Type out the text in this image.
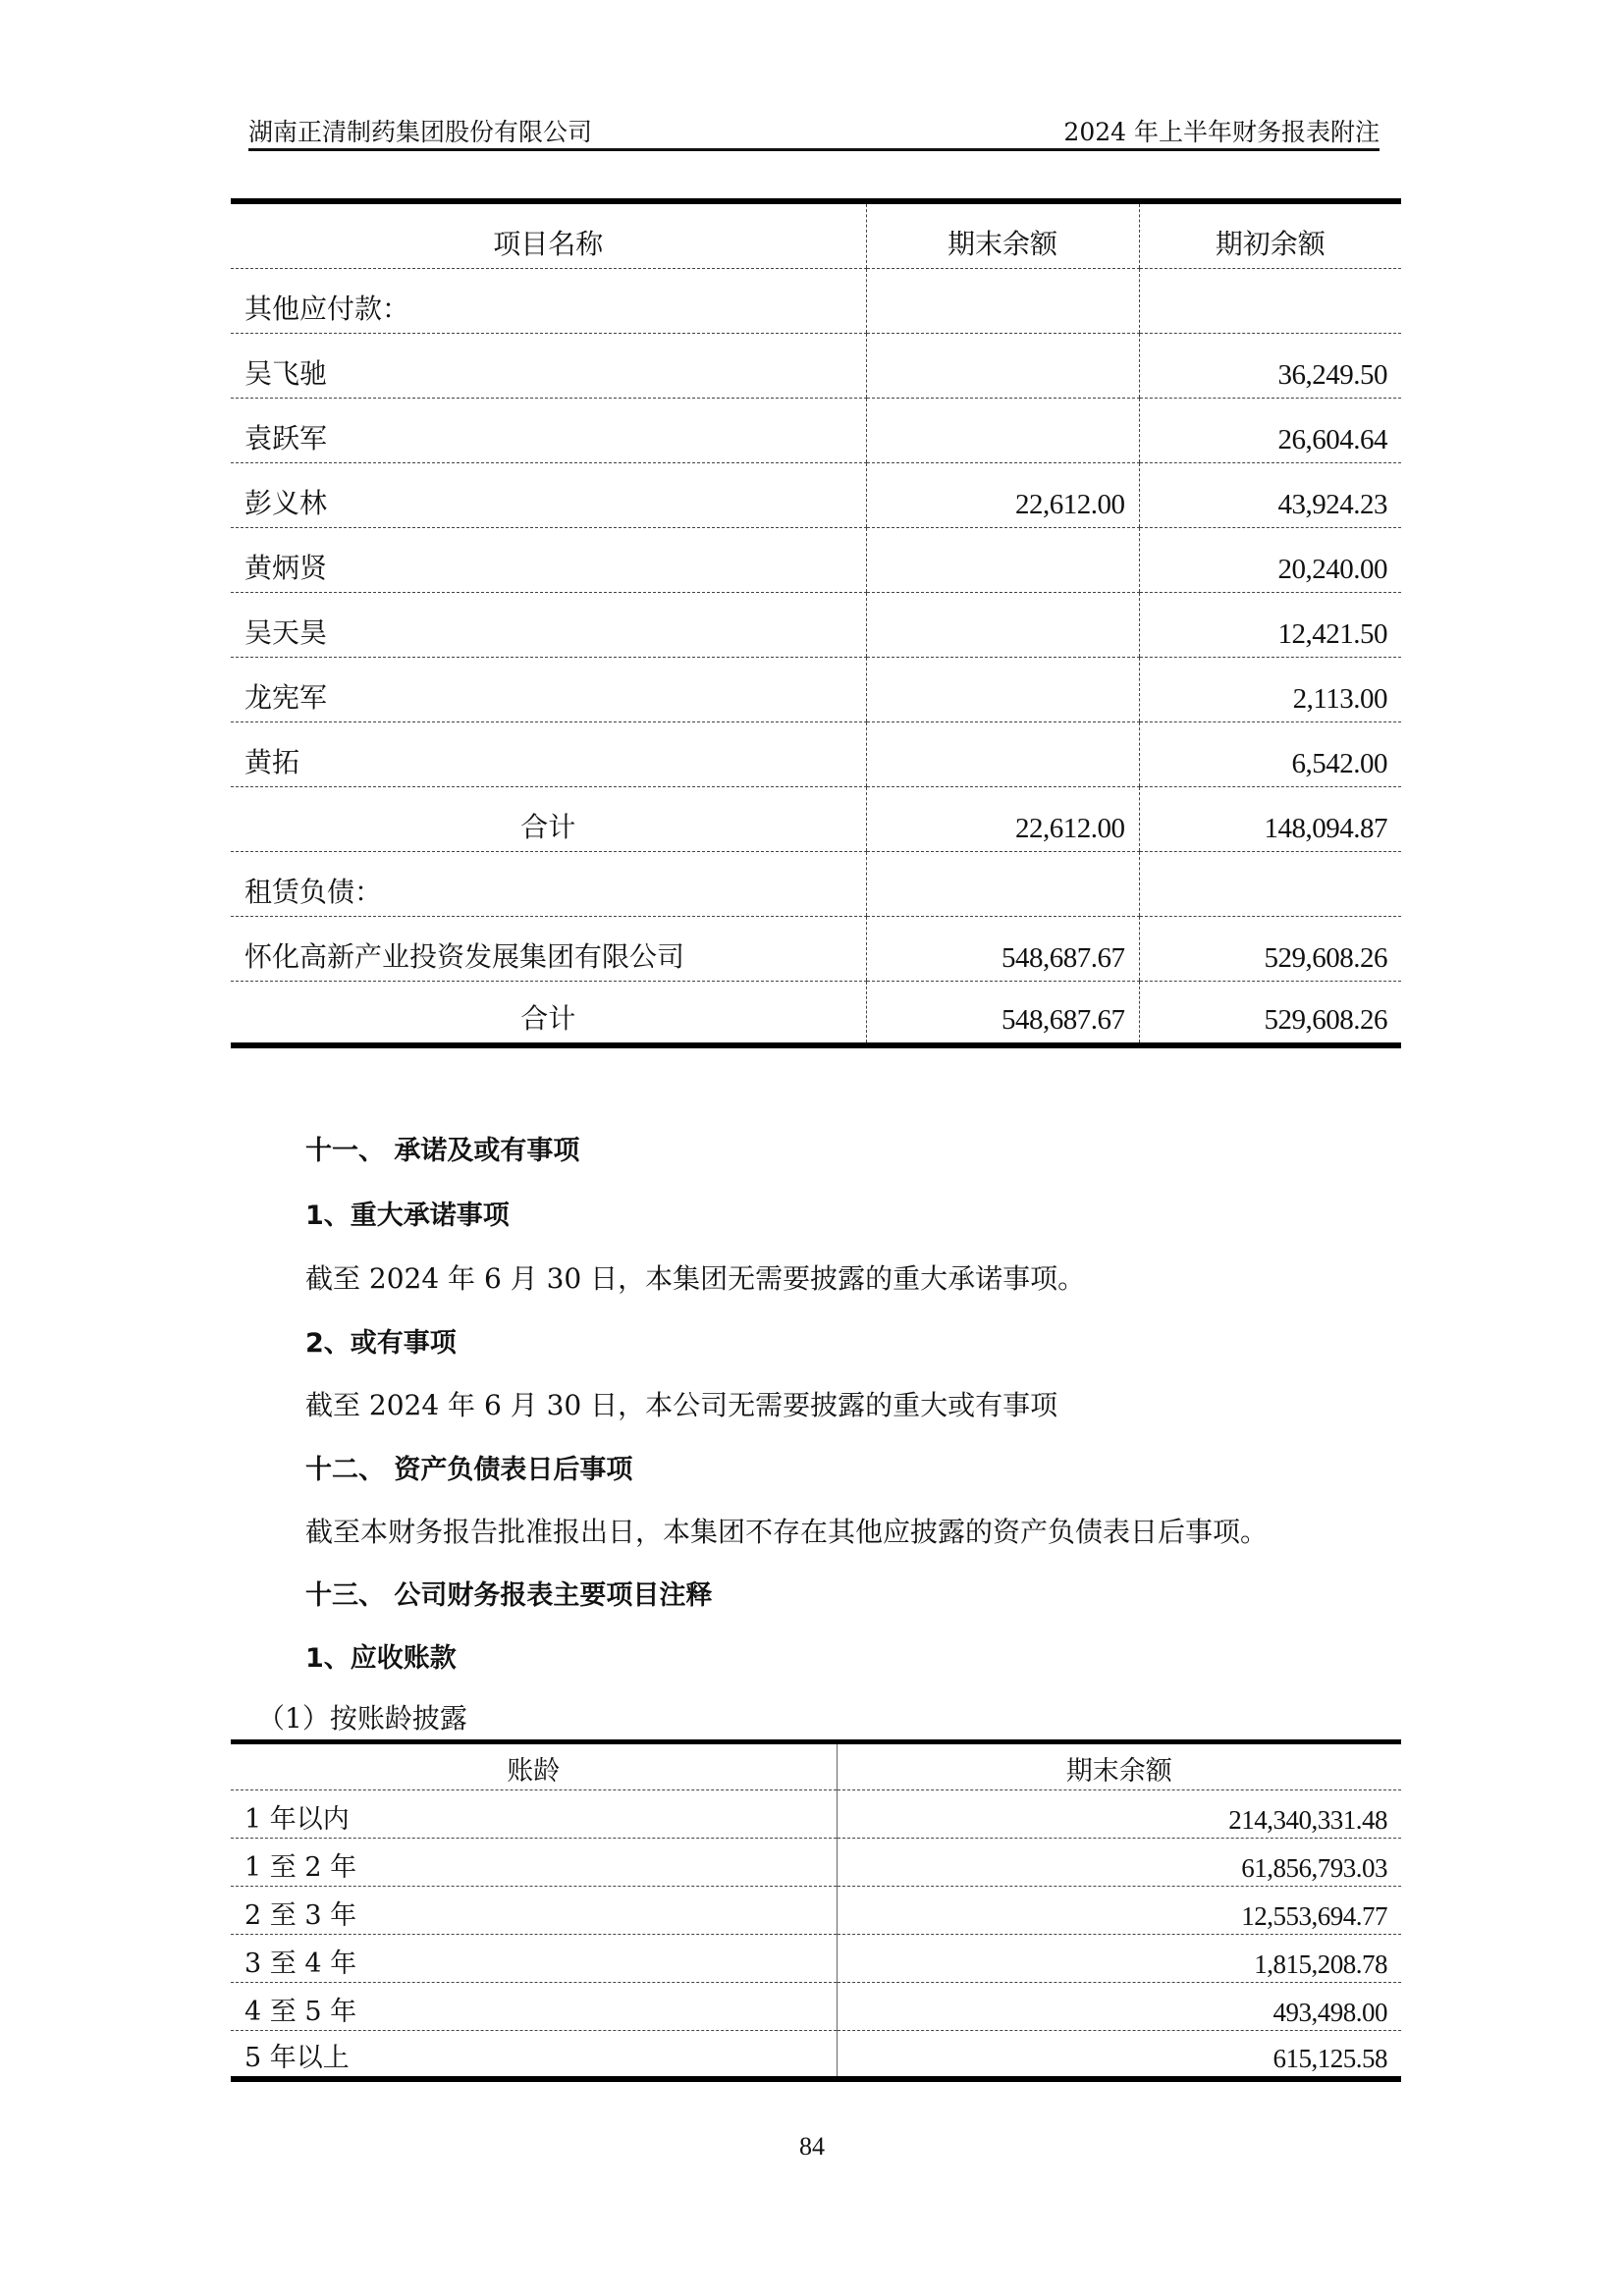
湖南正清制药集团股份有限公司	2024 年上半年财务报表附注
项目名称	期末余额	期初余额
其他应付款：		
吴飞驰		36,249.50
袁跃军		26,604.64
彭义林	22,612.00	43,924.23
黄炳贤		20,240.00
吴天昊		12,421.50
龙宪军		2,113.00
黄拓		6,542.00
合计	22,612.00	148,094.87
租赁负债：		
怀化高新产业投资发展集团有限公司	548,687.67	529,608.26
合计	548,687.67	529,608.26
十一、 承诺及或有事项
1、重大承诺事项
截至 2024 年 6 月 30 日，本集团无需要披露的重大承诺事项。
2、或有事项
截至 2024 年 6 月 30 日，本公司无需要披露的重大或有事项
十二、 资产负债表日后事项
截至本财务报告批准报出日，本集团不存在其他应披露的资产负债表日后事项。
十三、 公司财务报表主要项目注释
1、应收账款
（1）按账龄披露
账龄	期末余额
1 年以内	214,340,331.48
1 至 2 年	61,856,793.03
2 至 3 年	12,553,694.77
3 至 4 年	1,815,208.78
4 至 5 年	493,498.00
5 年以上	615,125.58
84
